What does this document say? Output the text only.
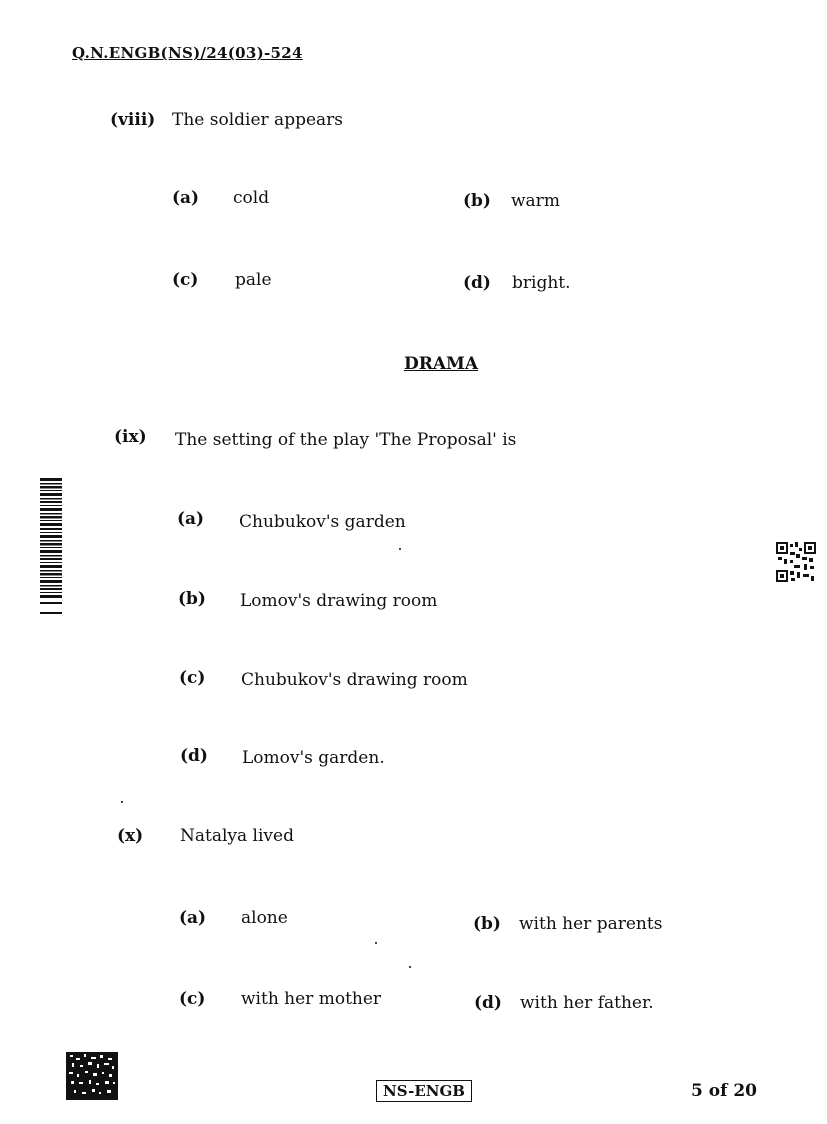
Q.N.ENGB(NS)/24(03)-524
(viii) The soldier appears
(a) cold	(b) warm
(c) pale	(d) bright.
DRAMA
(ix) The setting of the play 'The Proposal' is
(a) Chubukov's garden
(b) Lomov's drawing room
(c) Chubukov's drawing room
(d) Lomov's garden.
(x) Natalya lived
(a) alone	(b) with her parents
(c) with her mother	(d) with her father.
NS-ENGB	5 of 20
